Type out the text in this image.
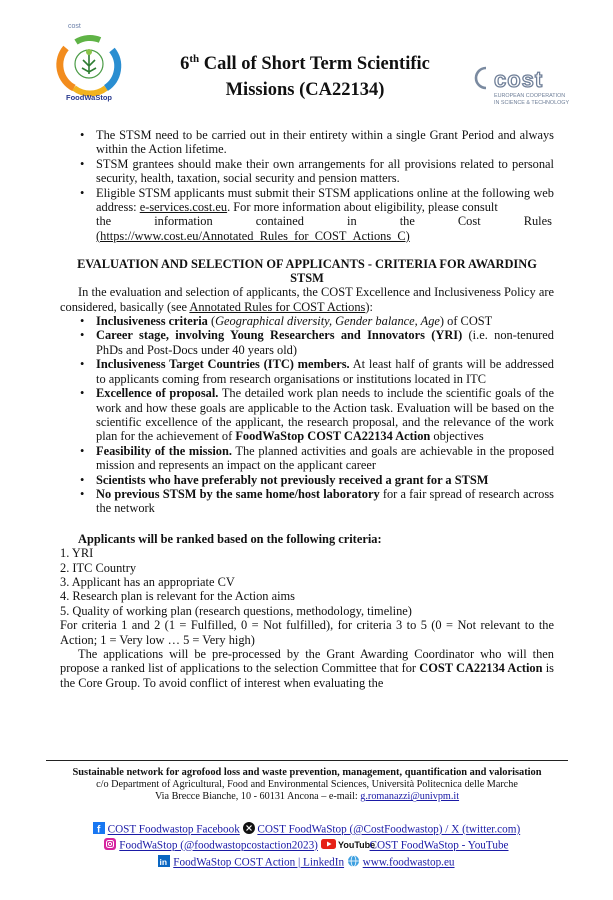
cost
FoodWaStop
6th Call of Short Term Scientific
Missions (CA22134)	cost
EUROPEAN COOPERATION
IN SCIENCE & TECHNOLOGY
• The STSM need to be carried out in their entirety within a single Grant Period and always within the Action lifetime.
• STSM grantees should make their own arrangements for all provisions related to personal security, health, taxation, social security and pension matters.
• Eligible STSM applicants must submit their STSM applications online at the following web address: e-services.cost.eu. For more information about eligibility, please consult
the	information	contained	in	the	Cost	Rules
(https://www.cost.eu/Annotated_Rules_for_COST_Actions_C)
EVALUATION AND SELECTION OF APPLICANTS - CRITERIA FOR AWARDING
STSM
In the evaluation and selection of applicants, the COST Excellence and Inclusiveness Policy are considered, basically (see Annotated Rules for COST Actions):
• Inclusiveness criteria (Geographical diversity, Gender balance, Age) of COST
• Career stage, involving Young Researchers and Innovators (YRI) (i.e. non-tenured PhDs and Post-Docs under 40 years old)
• Inclusiveness Target Countries (ITC) members. At least half of grants will be addressed to applicants coming from research organisations or institutions located in ITC
• Excellence of proposal. The detailed work plan needs to include the scientific goals of the work and how these goals are applicable to the Action task. Evaluation will be based on the scientific excellence of the applicant, the research proposal, and the relevance of the work plan for the achievement of FoodWaStop COST CA22134 Action objectives
• Feasibility of the mission. The planned activities and goals are achievable in the proposed mission and represents an impact on the applicant career
• Scientists who have preferably not previously received a grant for a STSM
• No previous STSM by the same home/host laboratory for a fair spread of research across the network
Applicants will be ranked based on the following criteria:
1. YRI
2. ITC Country
3. Applicant has an appropriate CV
4. Research plan is relevant for the Action aims
5. Quality of working plan (research questions, methodology, timeline)
For criteria 1 and 2 (1 = Fulfilled, 0 = Not fulfilled), for criteria 3 to 5 (0 = Not relevant to the Action; 1 = Very low … 5 = Very high)
The applications will be pre-processed by the Grant Awarding Coordinator who will then propose a ranked list of applications to the selection Committee that for COST CA22134 Action is the Core Group. To avoid conflict of interest when evaluating the
Sustainable network for agrofood loss and waste prevention, management, quantification and valorisation
c/o Department of Agricultural, Food and Environmental Sciences, Università Politecnica delle Marche
Via Brecce Bianche, 10 - 60131 Ancona – e-mail: g.romanazzi@univpm.it
f COST Foodwastop Facebook COST FoodWaStop (@CostFoodwastop) / X (twitter.com)
FoodWaStop (@foodwastopcostaction2023) YouTube
COST FoodWaStop - YouTube
in FoodWaStop COST Action | LinkedIn www.foodwastop.eu
